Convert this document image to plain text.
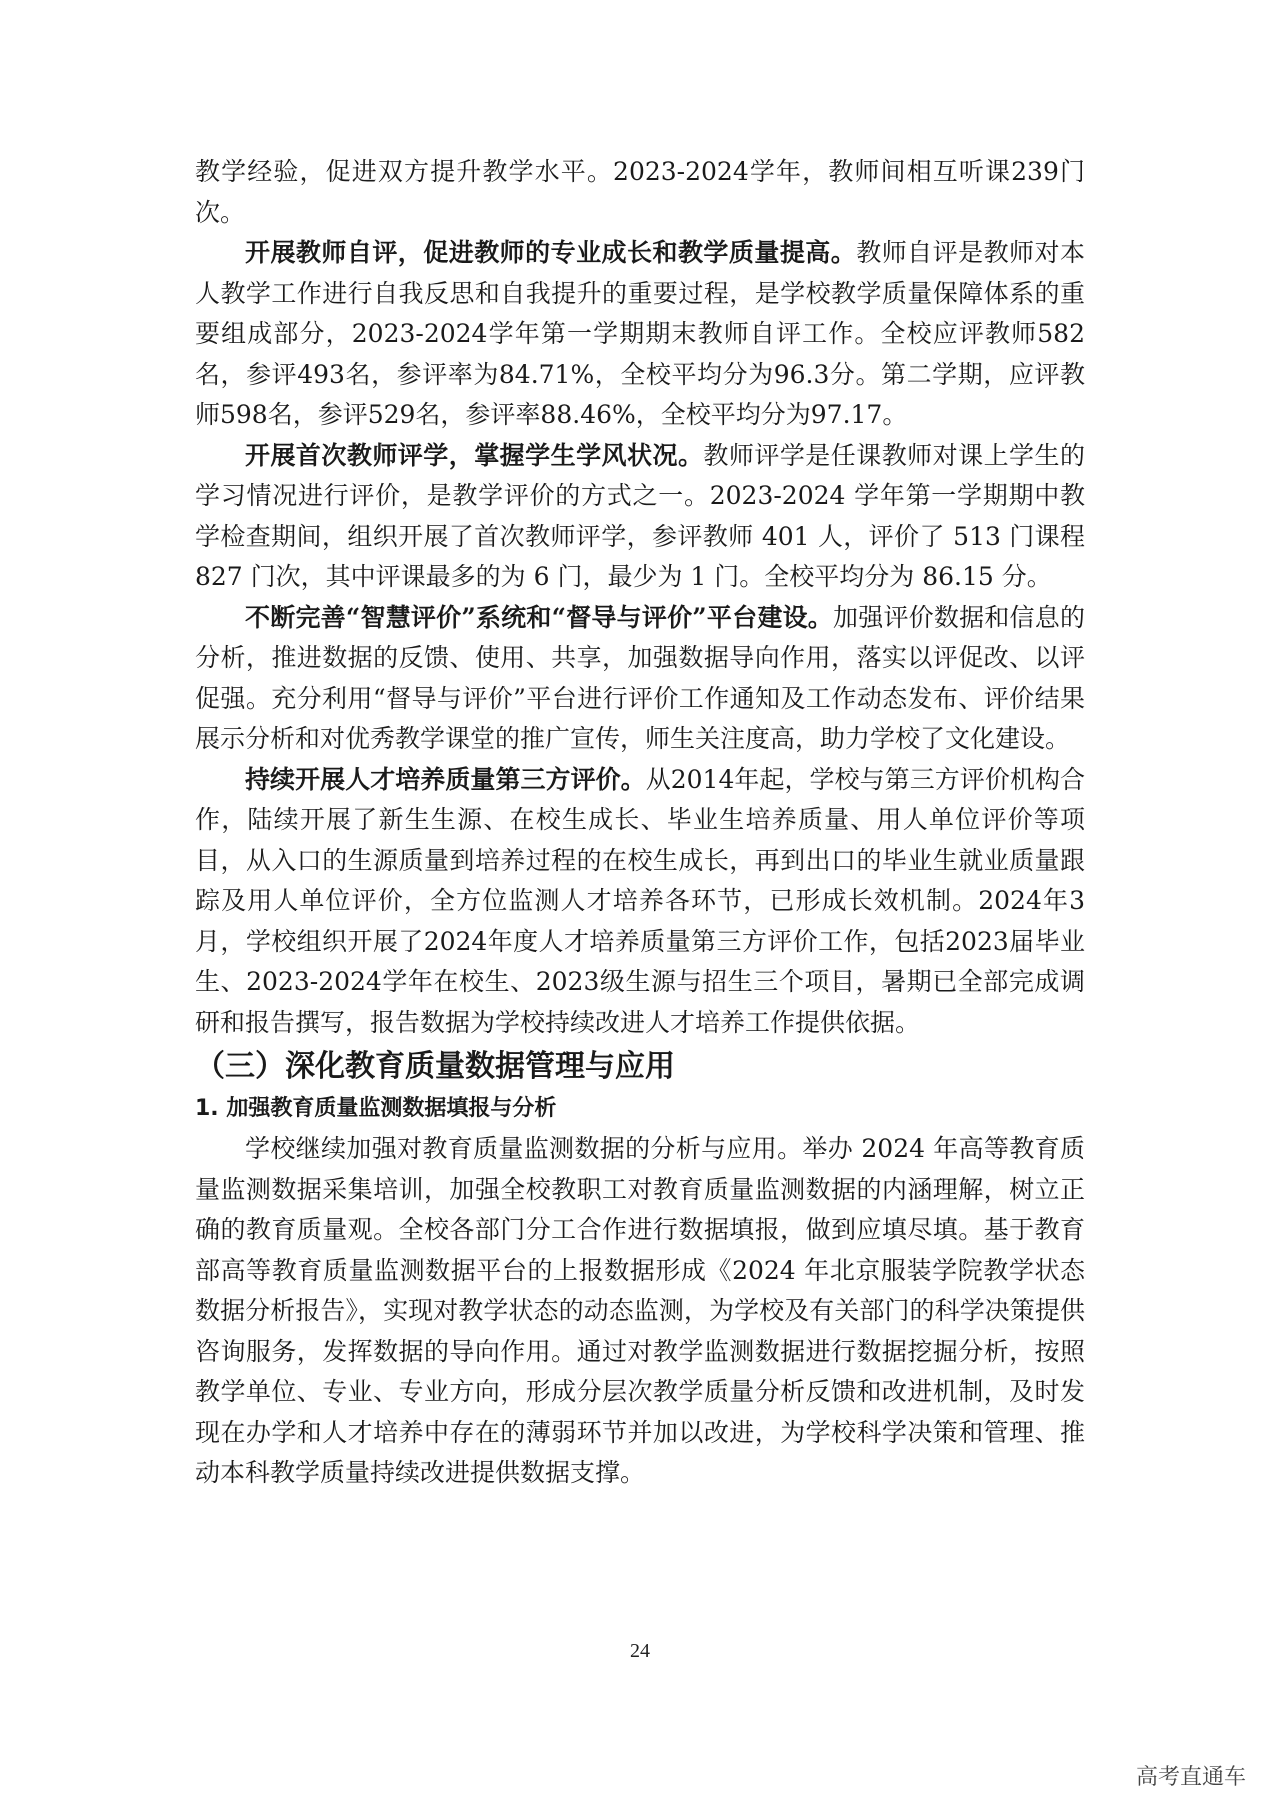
教学经验，促进双方提升教学水平。2023-2024学年，教师间相互听课239门次。

开展教师自评，促进教师的专业成长和教学质量提高。教师自评是教师对本人教学工作进行自我反思和自我提升的重要过程，是学校教学质量保障体系的重要组成部分，2023-2024学年第一学期期末教师自评工作。全校应评教师582名，参评493名，参评率为84.71%，全校平均分为96.3分。第二学期，应评教师598名，参评529名，参评率88.46%，全校平均分为97.17。

开展首次教师评学，掌握学生学风状况。教师评学是任课教师对课上学生的学习情况进行评价，是教学评价的方式之一。2023-2024 学年第一学期期中教学检查期间，组织开展了首次教师评学，参评教师 401 人，评价了 513 门课程 827 门次，其中评课最多的为 6 门，最少为 1 门。全校平均分为 86.15 分。

不断完善“智慧评价”系统和“督导与评价”平台建设。加强评价数据和信息的分析，推进数据的反馈、使用、共享，加强数据导向作用，落实以评促改、以评促强。充分利用“督导与评价”平台进行评价工作通知及工作动态发布、评价结果展示分析和对优秀教学课堂的推广宣传，师生关注度高，助力学校了文化建设。

持续开展人才培养质量第三方评价。从2014年起，学校与第三方评价机构合作，陆续开展了新生生源、在校生成长、毕业生培养质量、用人单位评价等项目，从入口的生源质量到培养过程的在校生成长，再到出口的毕业生就业质量跟踪及用人单位评价，全方位监测人才培养各环节，已形成长效机制。2024年3月，学校组织开展了2024年度人才培养质量第三方评价工作，包括2023届毕业生、2023-2024学年在校生、2023级生源与招生三个项目，暑期已全部完成调研和报告撰写，报告数据为学校持续改进人才培养工作提供依据。

（三）深化教育质量数据管理与应用
1. 加强教育质量监测数据填报与分析

学校继续加强对教育质量监测数据的分析与应用。举办 2024 年高等教育质量监测数据采集培训，加强全校教职工对教育质量监测数据的内涵理解，树立正确的教育质量观。全校各部门分工合作进行数据填报，做到应填尽填。基于教育部高等教育质量监测数据平台的上报数据形成《2024 年北京服装学院教学状态数据分析报告》，实现对教学状态的动态监测，为学校及有关部门的科学决策提供咨询服务，发挥数据的导向作用。通过对教学监测数据进行数据挖掘分析，按照教学单位、专业、专业方向，形成分层次教学质量分析反馈和改进机制，及时发现在办学和人才培养中存在的薄弱环节并加以改进，为学校科学决策和管理、推动本科教学质量持续改进提供数据支撑。

24
高考直通车
